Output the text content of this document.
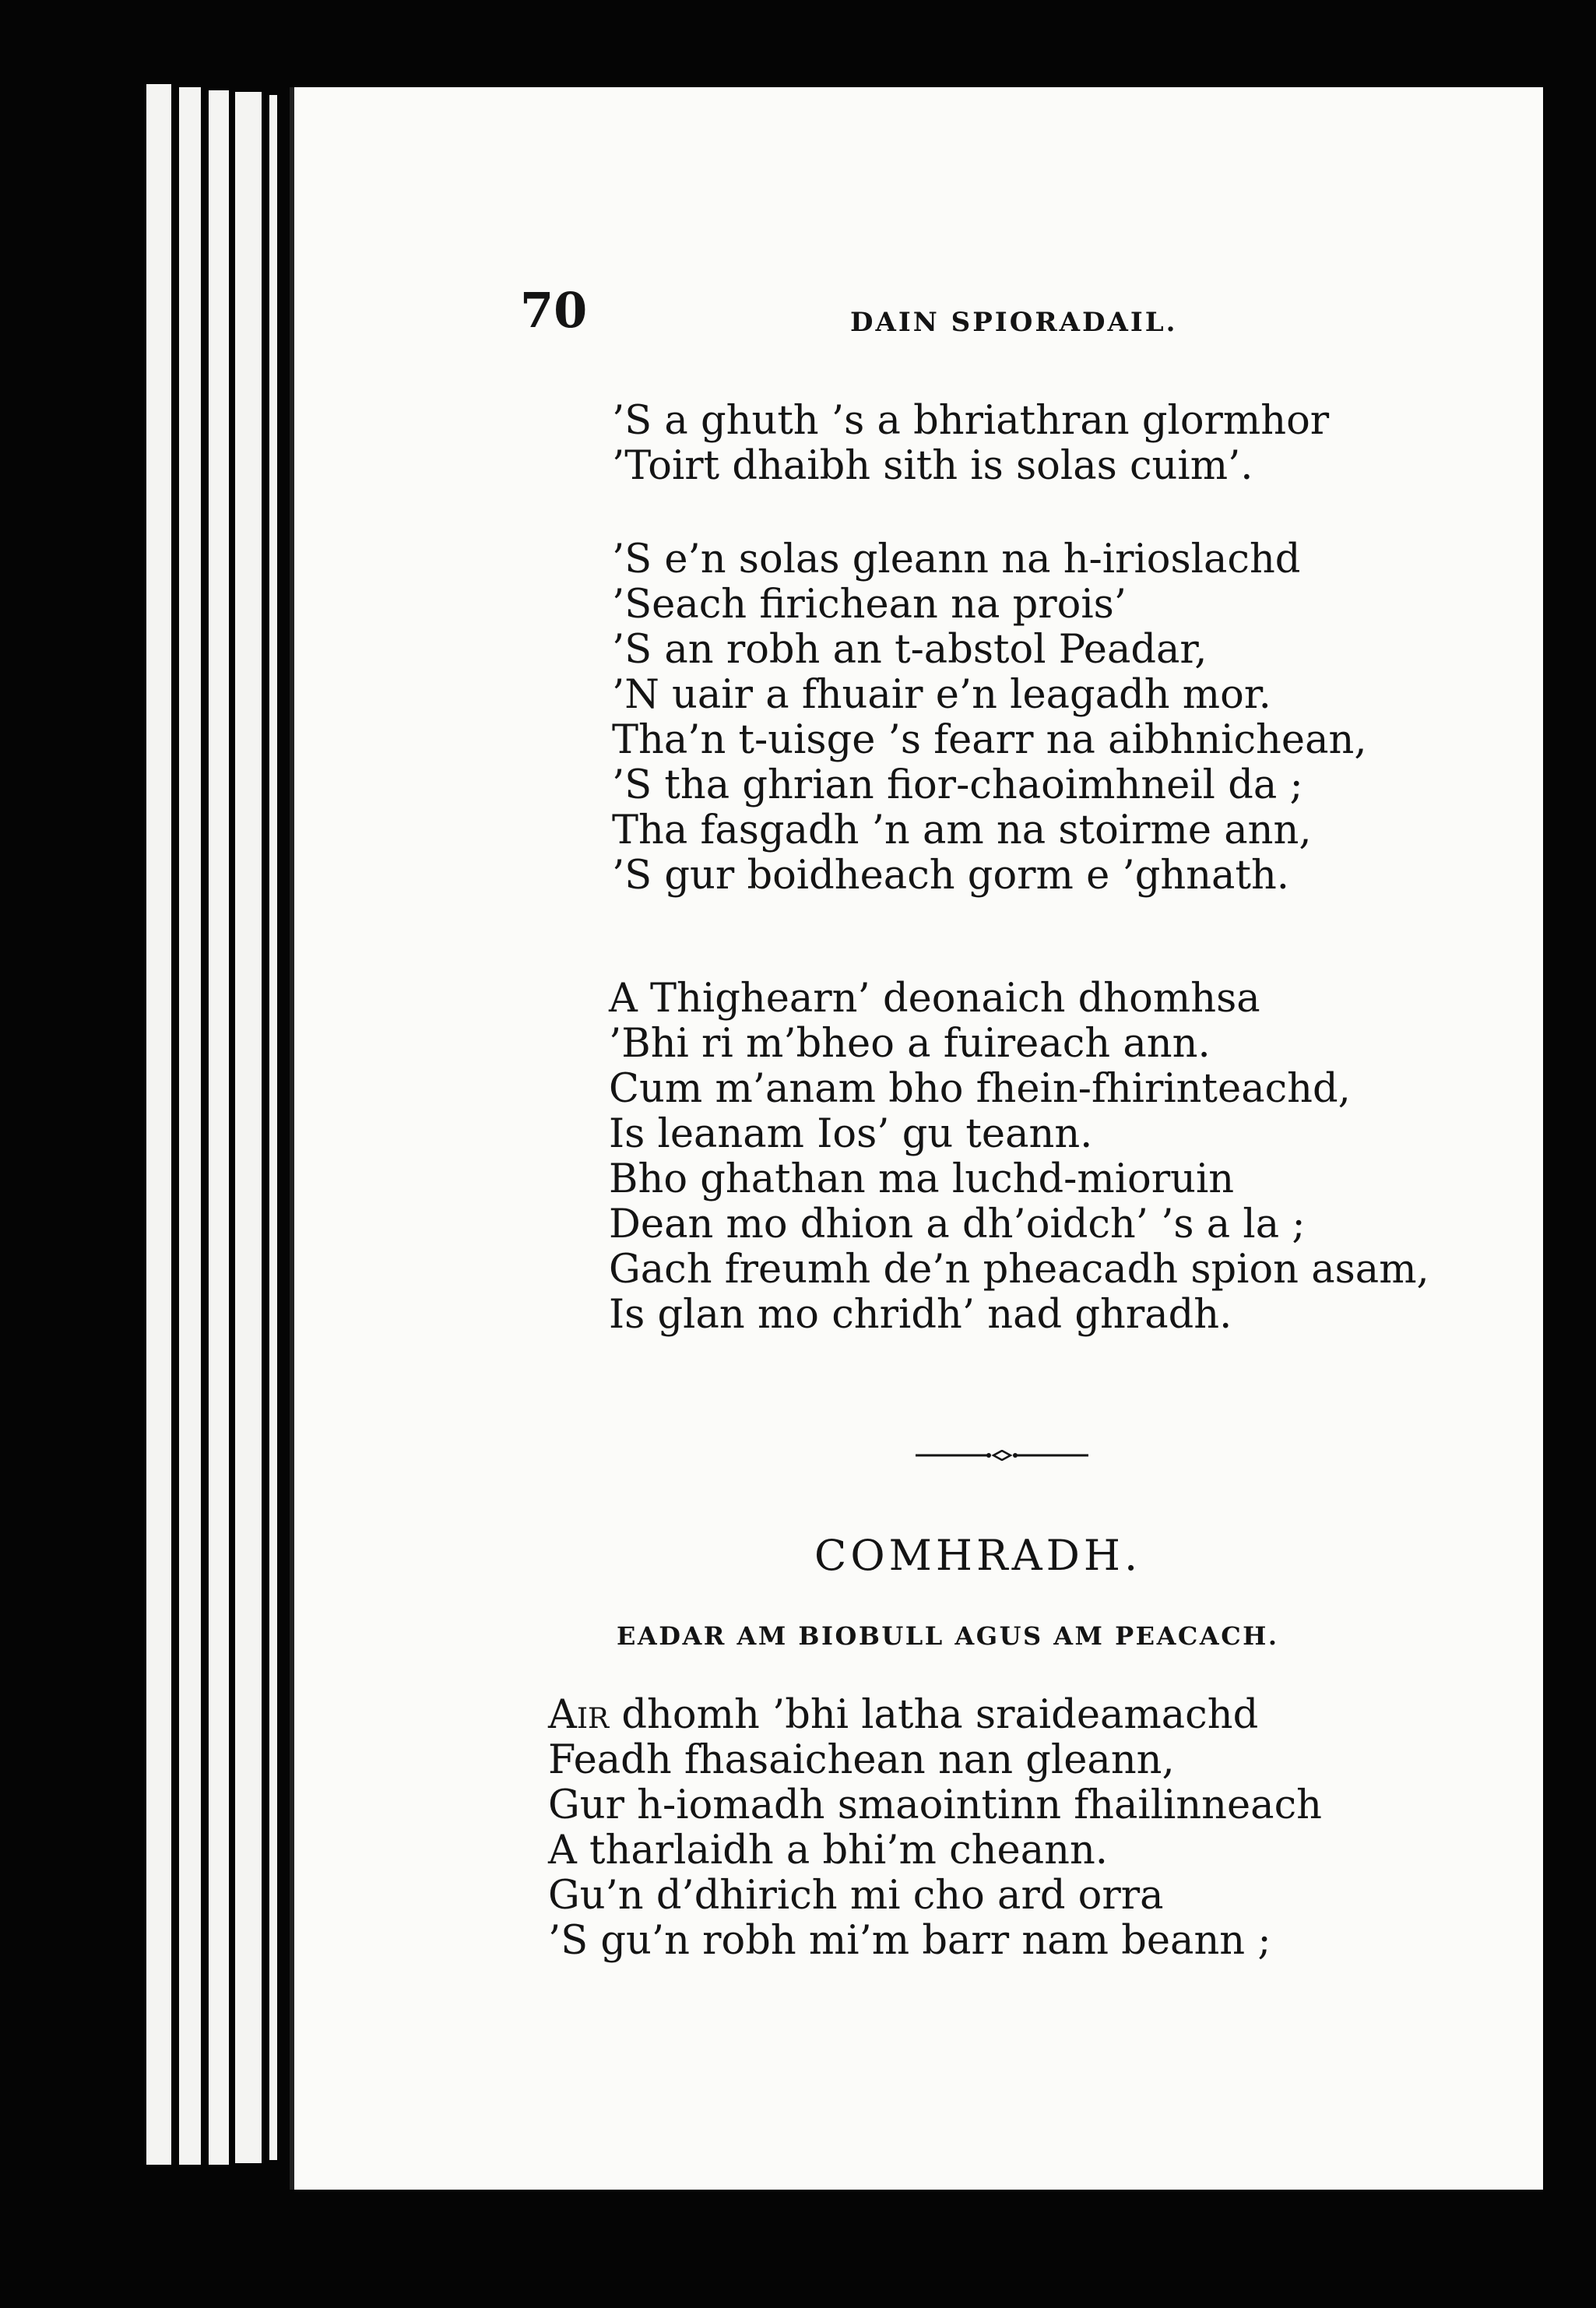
70	DAIN SPIORADAIL.
’S a ghuth ’s a bhriathran glormhor
’Toirt dhaibh sith is solas cuim’.
’S e’n solas gleann na h-irioslachd
’Seach firichean na prois’
’S an robh an t-abstol Peadar,
’N uair a fhuair e’n leagadh mor.
Tha’n t-uisge ’s fearr na aibhnichean,
’S tha ghrian fior-chaoimhneil da ;
Tha fasgadh ’n am na stoirme ann,
’S gur boidheach gorm e ’ghnath.
A Thighearn’ deonaich dhomhsa
’Bhi ri m’bheo a fuireach ann.
Cum m’anam bho fhein-fhirinteachd,
Is leanam Ios’ gu teann.
Bho ghathan ma luchd-mioruin
Dean mo dhion a dh’oidch’ ’s a la ;
Gach freumh de’n pheacadh spion asam,
Is glan mo chridh’ nad ghradh.
COMHRADH.
EADAR AM BIOBULL AGUS AM PEACACH.
Air dhomh ’bhi latha sraideamachd
Feadh fhasaichean nan gleann,
Gur h-iomadh smaointinn fhailinneach
A tharlaidh a bhi’m cheann.
Gu’n d’dhirich mi cho ard orra
’S gu’n robh mi’m barr nam beann ;
